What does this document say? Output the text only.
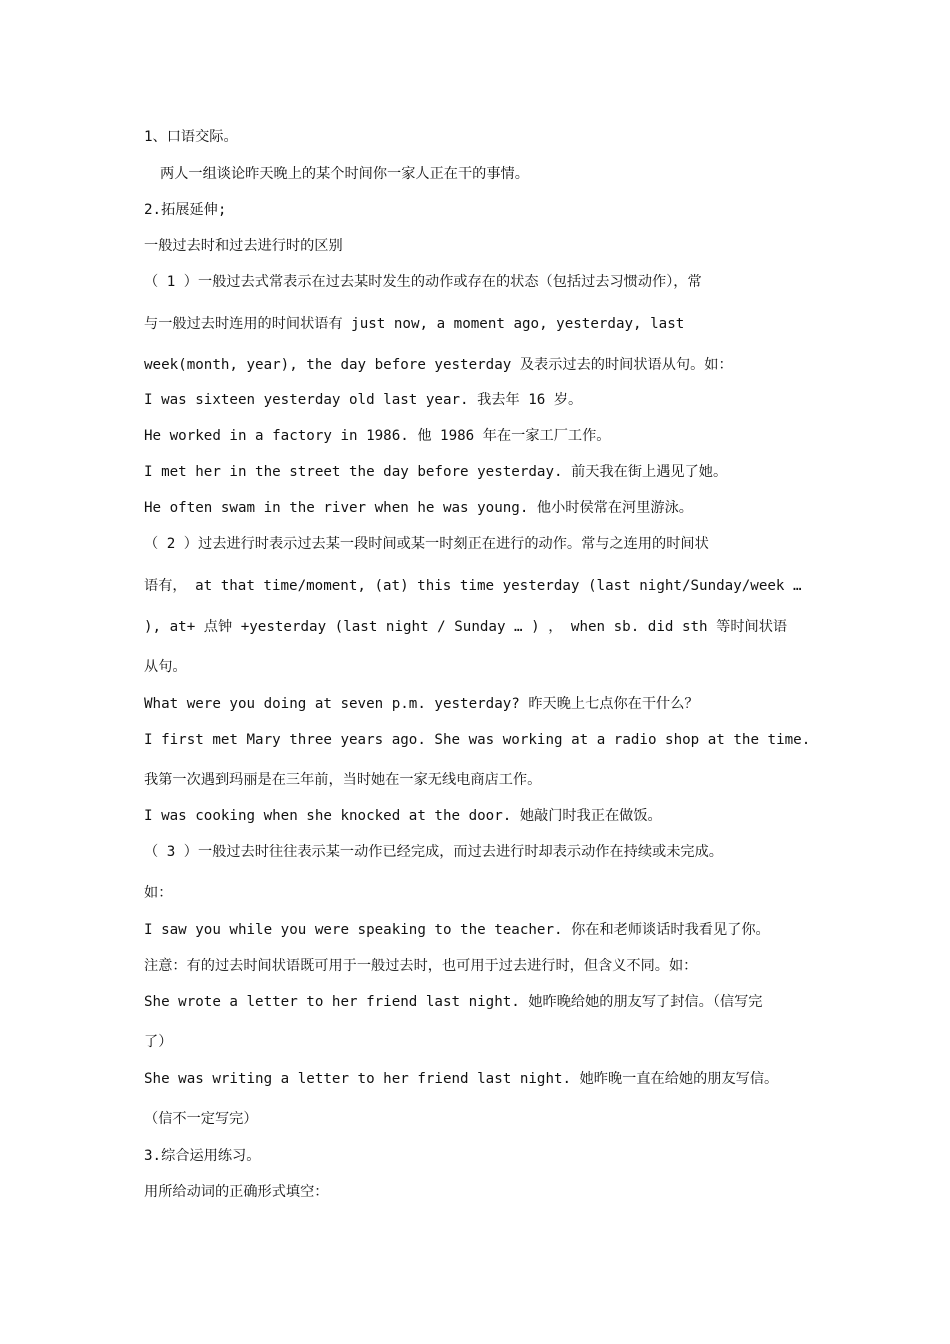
1、口语交际。
两人一组谈论昨天晚上的某个时间你一家人正在干的事情。
2.拓展延伸;
一般过去时和过去进行时的区别
（ 1 ）一般过去式常表示在过去某时发生的动作或存在的状态（包括过去习惯动作），常
与一般过去时连用的时间状语有 just now, a moment ago, yesterday, last
week(month, year), the day before yesterday 及表示过去的时间状语从句。如：
I was sixteen yesterday old last year. 我去年 16 岁。
He worked in a factory in 1986. 他 1986 年在一家工厂工作。
I met her in the street the day before yesterday. 前天我在街上遇见了她。
He often swam in the river when he was young. 他小时侯常在河里游泳。
（ 2 ）过去进行时表示过去某一段时间或某一时刻正在进行的动作。常与之连用的时间状
语有， at that time/moment, (at) this time yesterday (last night/Sunday/week …
), at+ 点钟 +yesterday (last night / Sunday … ) ， when sb. did sth 等时间状语
从句。
What were you doing at seven p.m. yesterday? 昨天晚上七点你在干什么？
I first met Mary three years ago. She was working at a radio shop at the time.
我第一次遇到玛丽是在三年前，当时她在一家无线电商店工作。
I was cooking when she knocked at the door. 她敲门时我正在做饭。
（ 3 ）一般过去时往往表示某一动作已经完成，而过去进行时却表示动作在持续或未完成。
如：
I saw you while you were speaking to the teacher. 你在和老师谈话时我看见了你。
注意：有的过去时间状语既可用于一般过去时，也可用于过去进行时，但含义不同。如：
She wrote a letter to her friend last night. 她昨晚给她的朋友写了封信。（信写完
了）
She was writing a letter to her friend last night. 她昨晚一直在给她的朋友写信。
（信不一定写完）
3.综合运用练习。
用所给动词的正确形式填空：
